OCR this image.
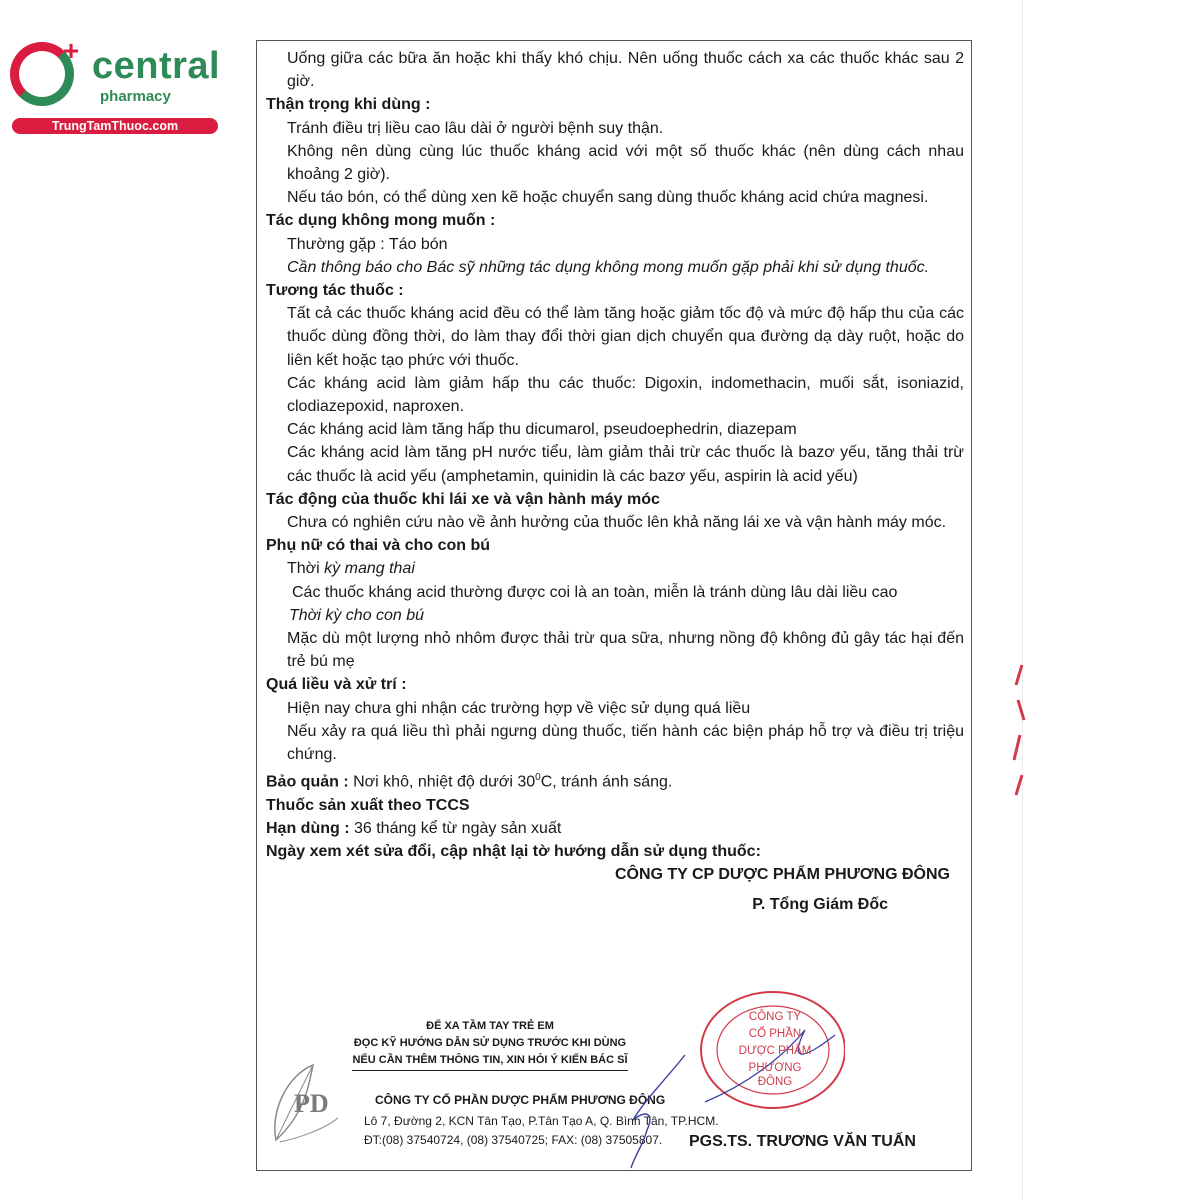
+ central
pharmacy
TrungTamThuoc.com

Uống giữa các bữa ăn hoặc khi thấy khó chịu. Nên uống thuốc cách xa các thuốc khác sau 2 giờ.

Thận trọng khi dùng :

Tránh điều trị liều cao lâu dài ở người bệnh suy thận.

Không nên dùng cùng lúc thuốc kháng acid với một số thuốc khác (nên dùng cách nhau khoảng 2 giờ).

Nếu táo bón, có thể dùng xen kẽ hoặc chuyển sang dùng thuốc kháng acid chứa magnesi.

Tác dụng không mong muốn :

Thường gặp : Táo bón

Cần thông báo cho Bác sỹ những tác dụng không mong muốn gặp phải khi sử dụng thuốc.

Tương tác thuốc :

Tất cả các thuốc kháng acid đều có thể làm tăng hoặc giảm tốc độ và mức độ hấp thu của các thuốc dùng đồng thời, do làm thay đổi thời gian dịch chuyển qua đường dạ dày ruột, hoặc do liên kết hoặc tạo phức với thuốc.

Các kháng acid làm giảm hấp thu các thuốc: Digoxin, indomethacin, muối sắt, isoniazid, clodiazepoxid, naproxen.

Các kháng acid làm tăng hấp thu dicumarol, pseudoephedrin, diazepam

Các kháng acid làm tăng pH nước tiểu, làm giảm thải trừ các thuốc là bazơ yếu, tăng thải trừ các thuốc là acid yếu (amphetamin, quinidin là các bazơ yếu, aspirin là acid yếu)

Tác động của thuốc khi lái xe và vận hành máy móc

Chưa có nghiên cứu nào về ảnh hưởng của thuốc lên khả năng lái xe và vận hành máy móc.

Phụ nữ có thai và cho con bú

Thời kỳ mang thai

Các thuốc kháng acid thường được coi là an toàn, miễn là tránh dùng lâu dài liều cao

Thời kỳ cho con bú

Mặc dù một lượng nhỏ nhôm được thải trừ qua sữa, nhưng nồng độ không đủ gây tác hại đến trẻ bú mẹ

Quá liều và xử trí :

Hiện nay chưa ghi nhận các trường hợp về việc sử dụng quá liều

Nếu xảy ra quá liều thì phải ngưng dùng thuốc, tiến hành các biện pháp hỗ trợ và điều trị triệu chứng.

Bảo quản : Nơi khô, nhiệt độ dưới $30^0C$, tránh ánh sáng.

Thuốc sản xuất theo TCCS

Hạn dùng : 36 tháng kể từ ngày sản xuất

Ngày xem xét sửa đổi, cập nhật lại tờ hướng dẫn sử dụng thuốc:

CÔNG TY CP DƯỢC PHẨM PHƯƠNG ĐÔNG

P. Tổng Giám Đốc

ĐỂ XA TẦM TAY TRẺ EM
ĐỌC KỸ HƯỚNG DẪN SỬ DỤNG TRƯỚC KHI DÙNG
NẾU CẦN THÊM THÔNG TIN, XIN HỎI Ý KIẾN BÁC SĨ
PD	CÔNG TY CỔ PHẦN DƯỢC PHẨM PHƯƠNG ĐÔNG
Lô 7, Đường 2, KCN Tân Tạo, P.Tân Tạo A, Q. Bình Tân, TP.HCM.
ĐT:(08) 37540724, (08) 37540725; FAX: (08) 37505807.
CÔNG TY
CỔ PHẦN
DƯỢC PHẨM
PHƯƠNG ĐÔNG
PGS.TS. TRƯƠNG VĂN TUẤN
